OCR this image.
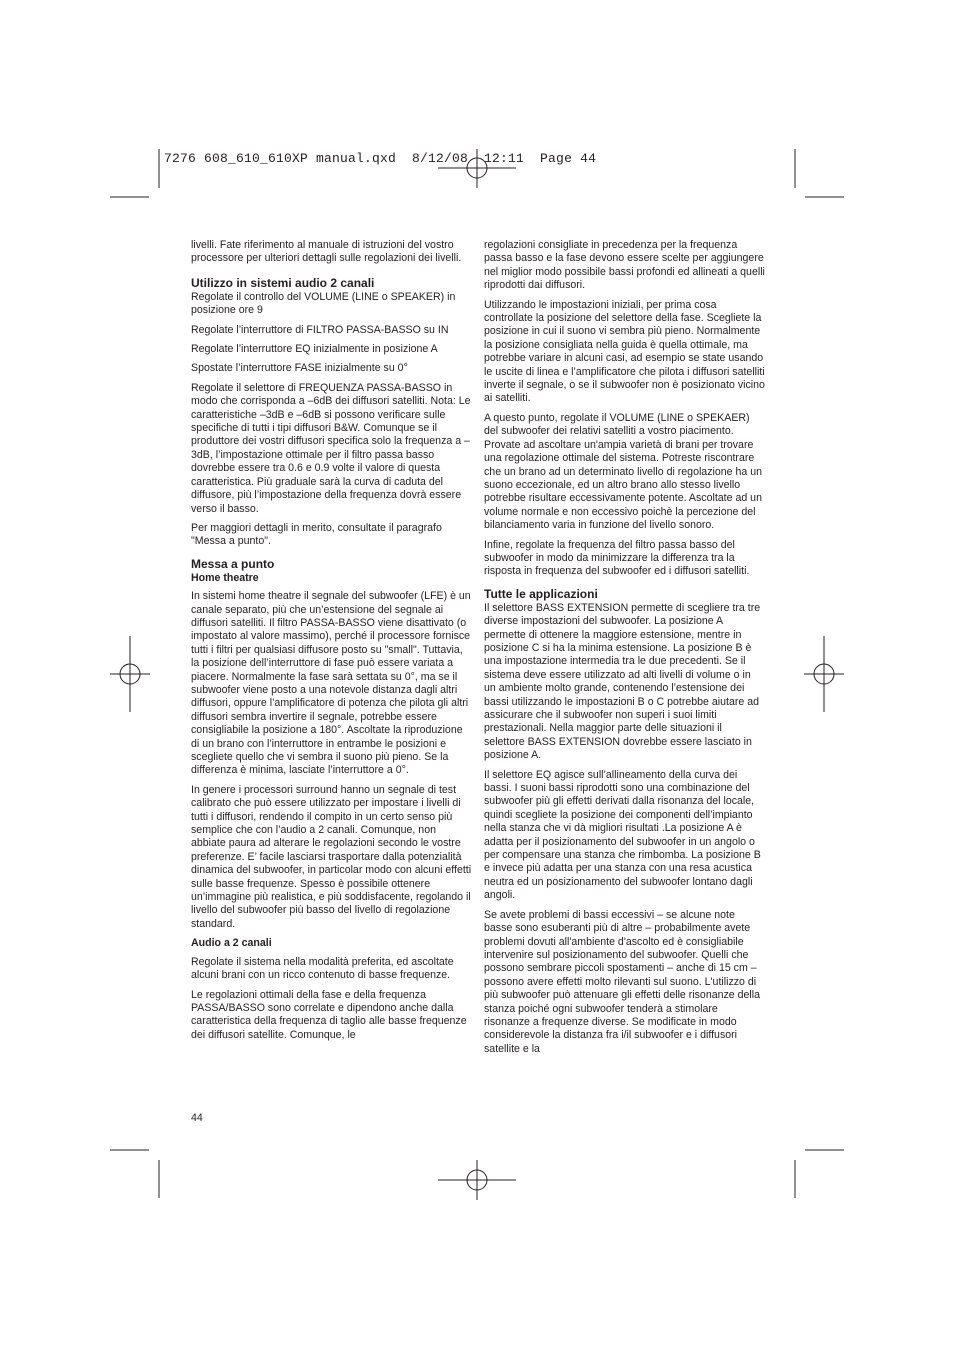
7276 608_610_610XP manual.qxd  8/12/08  12:11  Page 44

livelli. Fate riferimento al manuale di istruzioni del vostro processore per ulteriori dettagli sulle regolazioni dei livelli.

Utilizzo in sistemi audio 2 canali

Regolate il controllo del VOLUME (LINE o SPEAKER) in posizione ore 9

Regolate l’interruttore di FILTRO PASSA-BASSO su IN

Regolate l’interruttore EQ inizialmente in posizione A

Spostate l’interruttore FASE inizialmente su 0°

Regolate il selettore di FREQUENZA PASSA-BASSO in modo che corrisponda a –6dB dei diffusori satelliti. Nota: Le caratteristiche –3dB e –6dB si possono verificare sulle specifiche di tutti i tipi diffusori B&W. Comunque se il produttore dei vostri diffusori specifica solo la frequenza a –3dB, l’impostazione ottimale per il filtro passa basso dovrebbe essere tra 0.6 e 0.9 volte il valore di questa caratteristica. Più graduale sarà la curva di caduta del diffusore, più l’impostazione della frequenza dovrà essere verso il basso.

Per maggiori dettagli in merito, consultate il paragrafo "Messa a punto".

Messa a punto
Home theatre

In sistemi home theatre il segnale del subwoofer (LFE) è un canale separato, più che un’estensione del segnale ai diffusori satelliti. Il filtro PASSA-BASSO viene disattivato (o impostato al valore massimo), perché il processore fornisce tutti i filtri per qualsiasi diffusore posto su "small". Tuttavia, la posizione dell’interruttore di fase può essere variata a piacere. Normalmente la fase sarà settata su 0°, ma se il subwoofer viene posto a una notevole distanza dagli altri diffusori, oppure l’amplificatore di potenza che pilota gli altri diffusori sembra invertire il segnale, potrebbe essere consigliabile la posizione a 180°. Ascoltate la riproduzione di un brano con l’interruttore in entrambe le posizioni e scegliete quello che vi sembra il suono più pieno. Se la differenza è minima, lasciate l’interruttore a 0°.

In genere i processori surround hanno un segnale di test calibrato che può essere utilizzato per impostare i livelli di tutti i diffusori, rendendo il compito in un certo senso più semplice che con l’audio a 2 canali. Comunque, non abbiate paura ad alterare le regolazioni secondo le vostre preferenze. E’ facile lasciarsi trasportare dalla potenzialità dinamica del subwoofer, in particolar modo con alcuni effetti sulle basse frequenze. Spesso è possibile ottenere un’immagine più realistica, e più soddisfacente, regolando il livello del subwoofer più basso del livello di regolazione standard.

Audio a 2 canali

Regolate il sistema nella modalità preferita, ed ascoltate alcuni brani con un ricco contenuto di basse frequenze.

Le regolazioni ottimali della fase e della frequenza PASSA/BASSO sono correlate e dipendono anche dalla caratteristica della frequenza di taglio alle basse frequenze dei diffusori satellite. Comunque, le

regolazioni consigliate in precedenza per la frequenza passa basso e la fase devono essere scelte per aggiungere nel miglior modo possibile bassi profondi ed allineati a quelli riprodotti dai diffusori.

Utilizzando le impostazioni iniziali, per prima cosa controllate la posizione del selettore della fase. Scegliete la posizione in cui il suono vi sembra più pieno. Normalmente la posizione consigliata nella guida è quella ottimale, ma potrebbe variare in alcuni casi, ad esempio se state usando le uscite di linea e l’amplificatore che pilota i diffusori satelliti inverte il segnale, o se il subwoofer non è posizionato vicino ai satelliti.

A questo punto, regolate il VOLUME (LINE o SPEKAER) del subwoofer dei relativi satelliti a vostro piacimento. Provate ad ascoltare un'ampia varietà di brani per trovare una regolazione ottimale del sistema. Potreste riscontrare che un brano ad un determinato livello di regolazione ha un suono eccezionale, ed un altro brano allo stesso livello potrebbe risultare eccessivamente potente. Ascoltate ad un volume normale e non eccessivo poichè la percezione del bilanciamento varia in funzione del livello sonoro.

Infine, regolate la frequenza del filtro passa basso del subwoofer in modo da minimizzare la differenza tra la risposta in frequenza del subwoofer ed i diffusori satelliti.

Tutte le applicazioni

Il selettore BASS EXTENSION permette di scegliere tra tre diverse impostazioni del subwoofer. La posizione A permette di ottenere la maggiore estensione, mentre in posizione C si ha la minima estensione. La posizione B è una impostazione intermedia tra le due precedenti. Se il sistema deve essere utilizzato ad alti livelli di volume o in un ambiente molto grande, contenendo l’estensione dei bassi utilizzando le impostazioni B o C potrebbe aiutare ad assicurare che il subwoofer non superi i suoi limiti prestazionali. Nella maggior parte delle situazioni il selettore BASS EXTENSION dovrebbe essere lasciato in posizione A.

Il selettore EQ agisce sull’allineamento della curva dei bassi. I suoni bassi riprodotti sono una combinazione del subwoofer più gli effetti derivati dalla risonanza del locale, quindi scegliete la posizione dei componenti dell’impianto nella stanza che vi dà migliori risultati .La posizione A è adatta per il posizionamento del subwoofer in un angolo o per compensare una stanza che rimbomba. La posizione B e invece più adatta per una stanza con una resa acustica neutra ed un posizionamento del subwoofer lontano dagli angoli.

Se avete problemi di bassi eccessivi – se alcune note basse sono esuberanti più di altre – probabilmente avete problemi dovuti all'ambiente d'ascolto ed è consigliabile intervenire sul posizionamento del subwoofer. Quelli che possono sembrare piccoli spostamenti – anche di 15 cm – possono avere effetti molto rilevanti sul suono. L'utilizzo di più subwoofer può attenuare gli effetti delle risonanze della stanza poiché ogni subwoofer tenderà a stimolare risonanze a frequenze diverse. Se modificate in modo considerevole la distanza fra i/il subwoofer e i diffusori satellite e la

44
